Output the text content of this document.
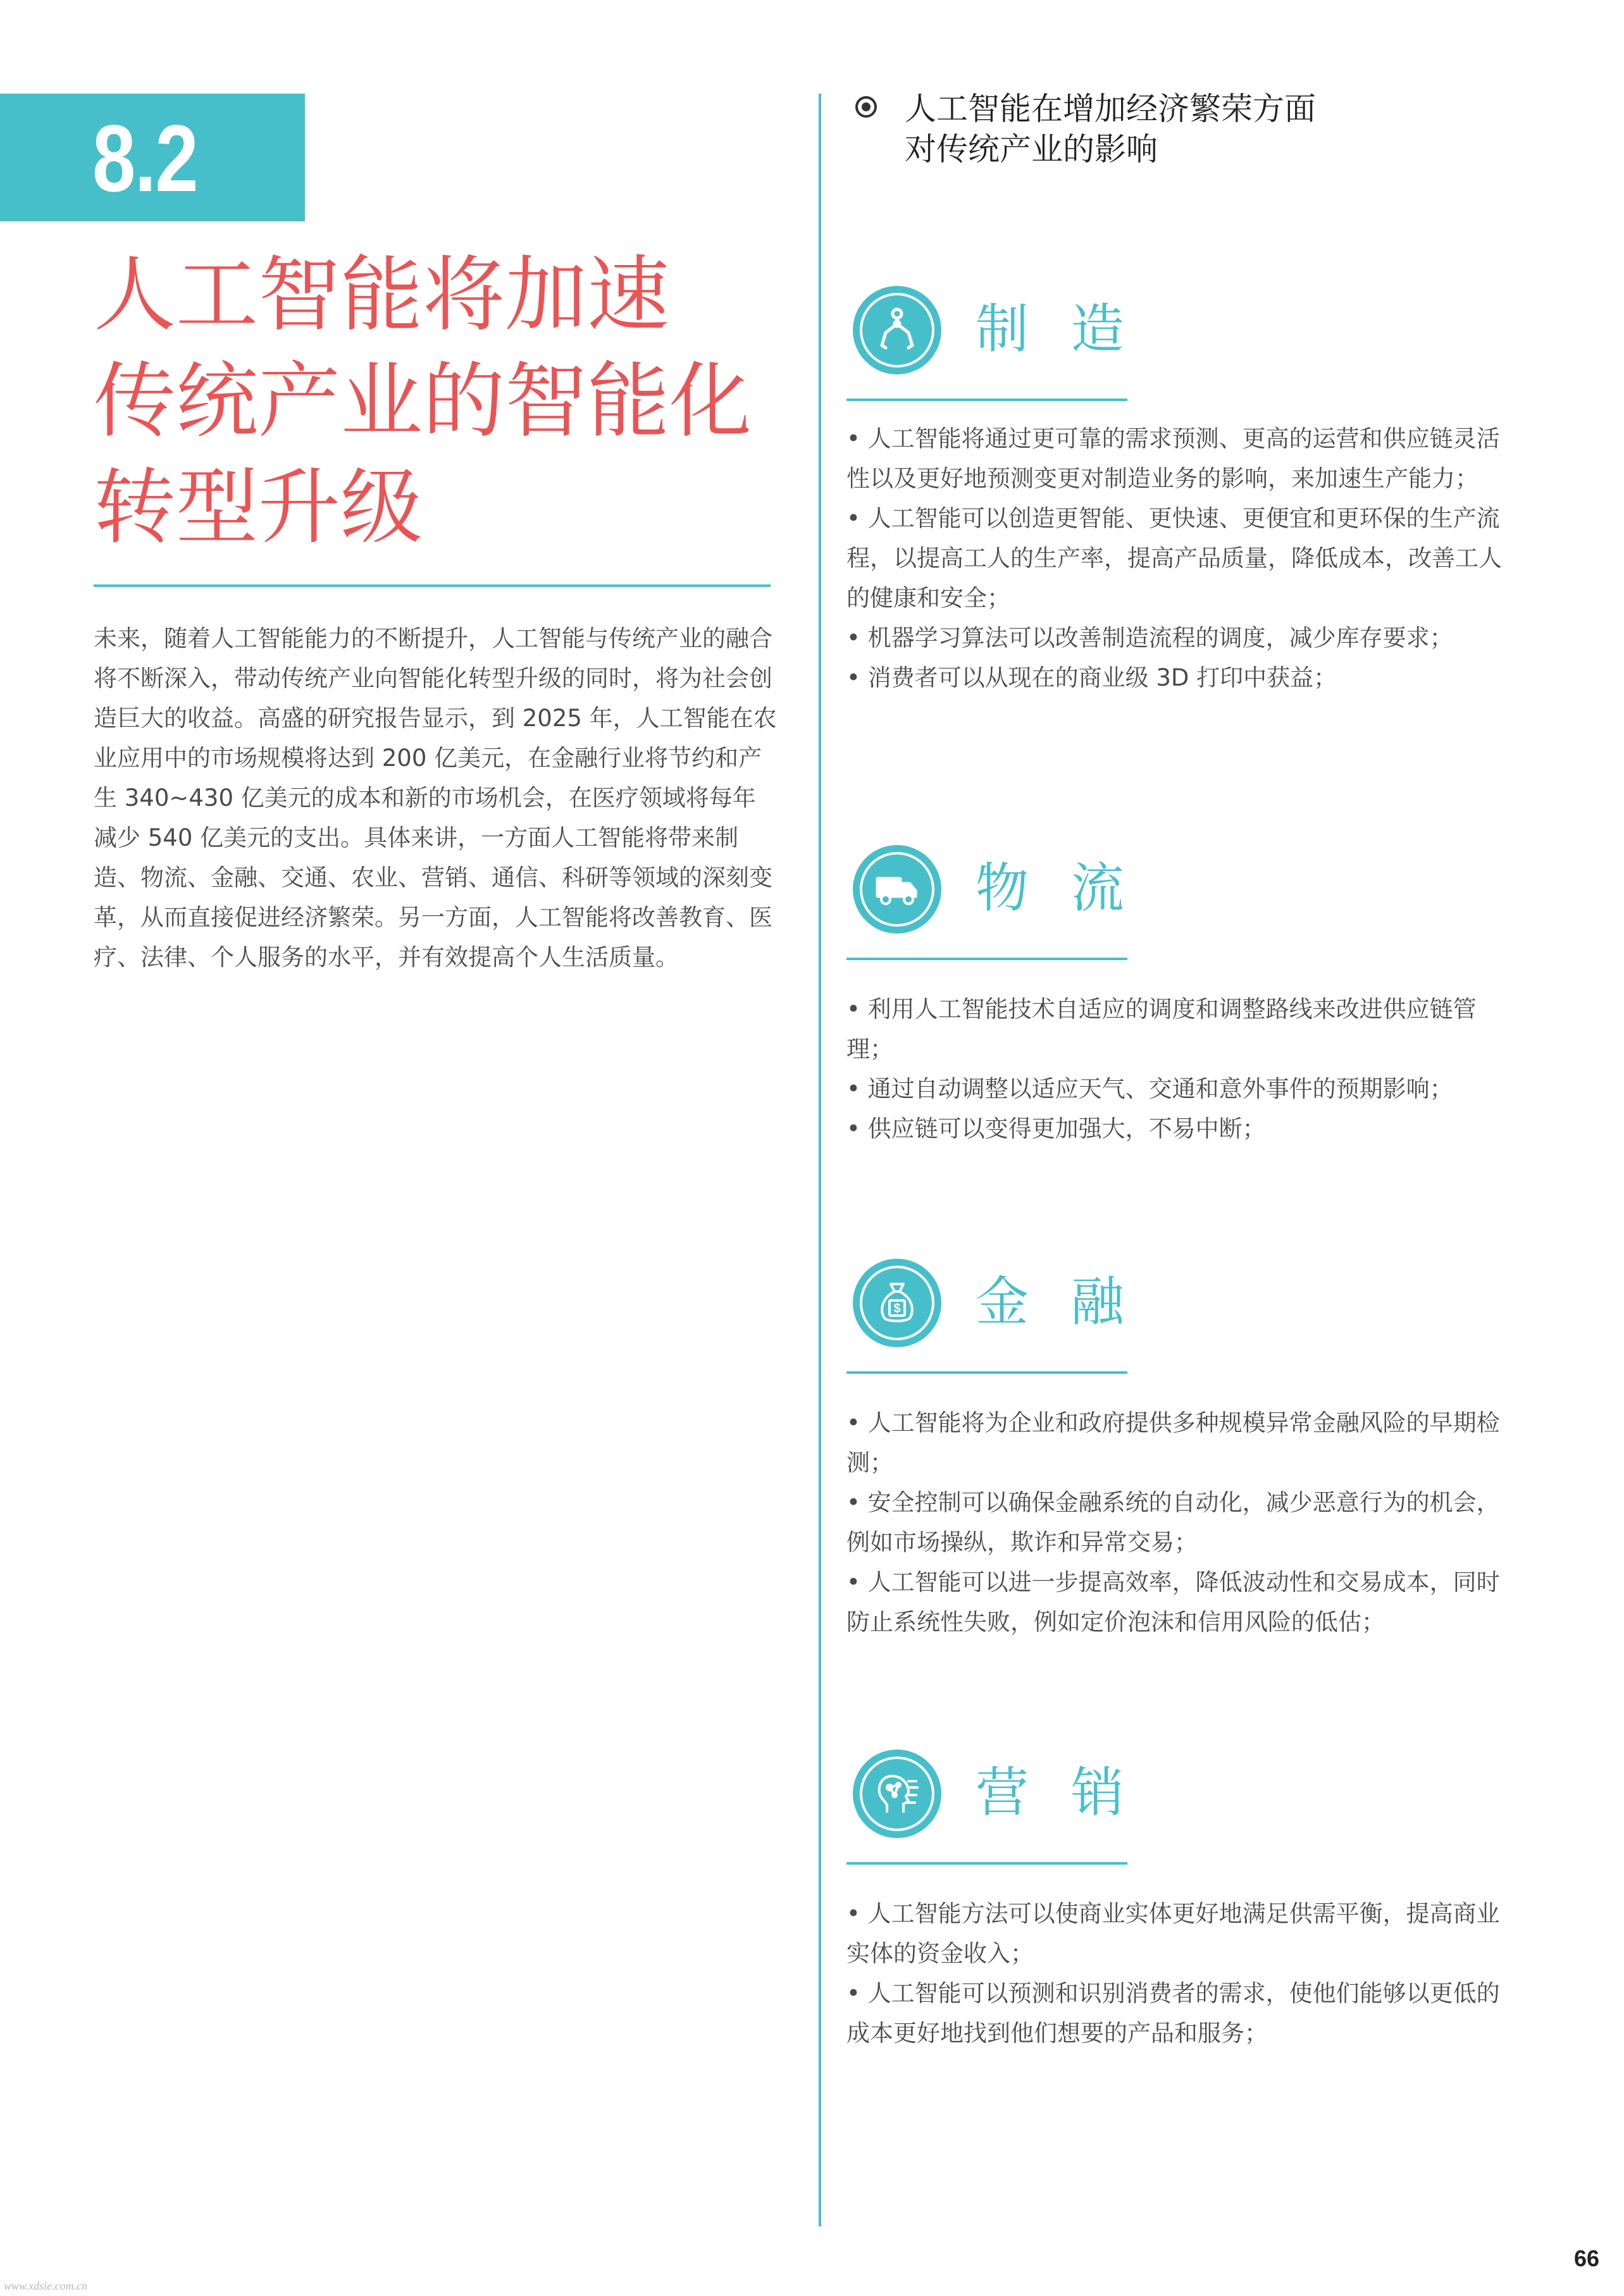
8.2
人工智能将加速
传统产业的智能化
转型升级

未来，随着人工智能能力的不断提升，人工智能与传统产业的融合将不断深入，带动传统产业向智能化转型升级的同时，将为社会创造巨大的收益。高盛的研究报告显示，到 2025 年，人工智能在农业应用中的市场规模将达到 200 亿美元，在金融行业将节约和产生 340~430 亿美元的成本和新的市场机会，在医疗领域将每年减少 540 亿美元的支出。具体来讲，一方面人工智能将带来制造、物流、金融、交通、农业、营销、通信、科研等领域的深刻变革，从而直接促进经济繁荣。另一方面，人工智能将改善教育、医疗、法律、个人服务的水平，并有效提高个人生活质量。

人工智能在增加经济繁荣方面
对传统产业的影响
制 造
• 人工智能将通过更可靠的需求预测、更高的运营和供应链灵活性以及更好地预测变更对制造业务的影响，来加速生产能力；
• 人工智能可以创造更智能、更快速、更便宜和更环保的生产流程，以提高工人的生产率，提高产品质量，降低成本，改善工人的健康和安全；
• 机器学习算法可以改善制造流程的调度，减少库存要求；
• 消费者可以从现在的商业级 3D 打印中获益；
物 流
• 利用人工智能技术自适应的调度和调整路线来改进供应链管理；
• 通过自动调整以适应天气、交通和意外事件的预期影响；
• 供应链可以变得更加强大，不易中断；
$ 金 融
• 人工智能将为企业和政府提供多种规模异常金融风险的早期检测；
• 安全控制可以确保金融系统的自动化，减少恶意行为的机会，例如市场操纵，欺诈和异常交易；
• 人工智能可以进一步提高效率，降低波动性和交易成本，同时防止系统性失败，例如定价泡沫和信用风险的低估；
营 销
• 人工智能方法可以使商业实体更好地满足供需平衡，提高商业实体的资金收入；
• 人工智能可以预测和识别消费者的需求，使他们能够以更低的成本更好地找到他们想要的产品和服务；
66
www.xdsie.com.cn
